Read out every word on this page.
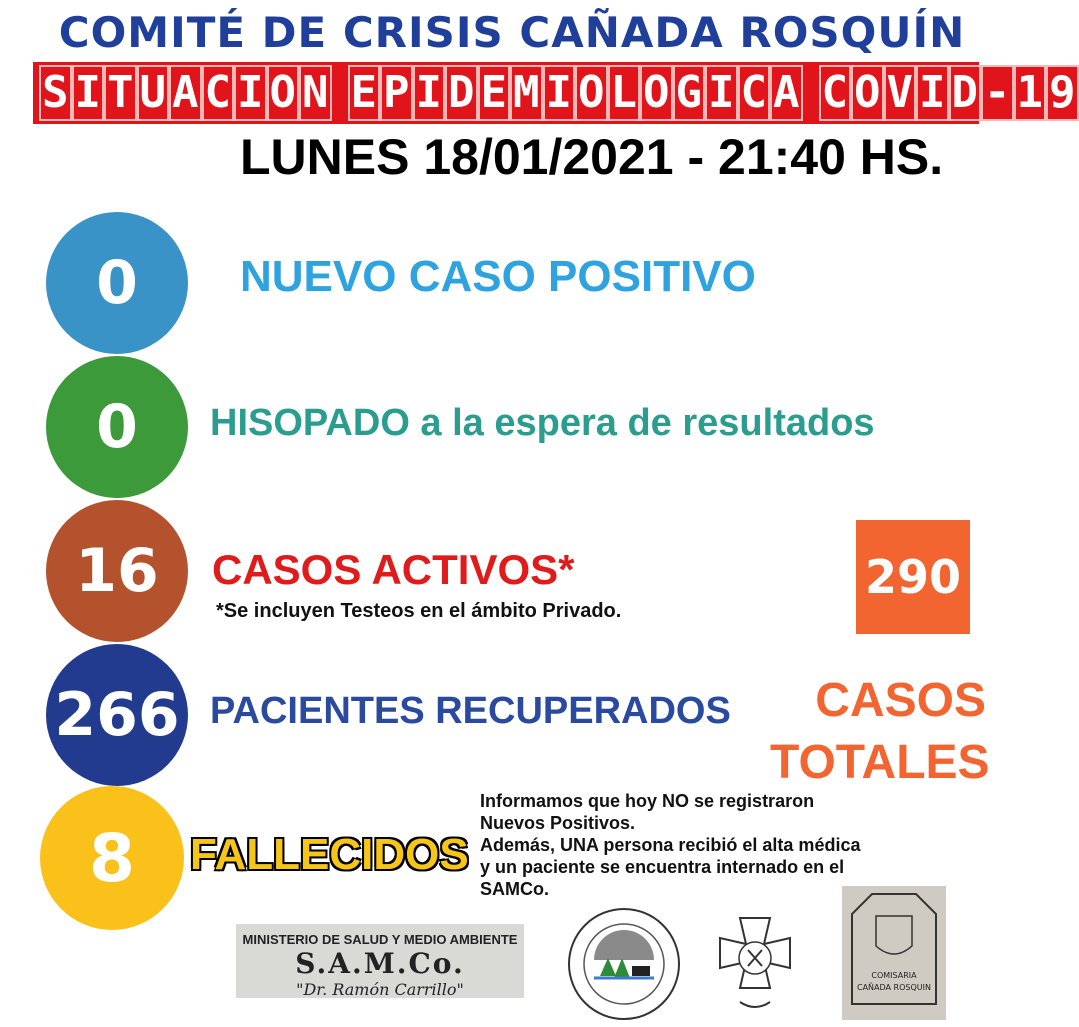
COMITÉ DE CRISIS CAÑADA ROSQUÍN
S I T U A C I O N
E P I D E M I O L O G I C A
C O V I D - 1 9
LUNES 18/01/2021 - 21:40 HS.
0	NUEVO CASO POSITIVO
0	HISOPADO a la espera de resultados
16	CASOS ACTIVOS*
*Se incluyen Testeos en el ámbito Privado.
266 PACIENTES RECUPERADOS
8	FALLECIDOS
290
CASOS
TOTALES
Informamos que hoy NO se registraron
Nuevos Positivos.
Además, UNA persona recibió el alta médica
y un paciente se encuentra internado en el
SAMCo.
MINISTERIO DE SALUD Y MEDIO AMBIENTE
S.A.M.Co.
"Dr. Ramón Carrillo"
COMISARIA
CAÑADA ROSQUIN
